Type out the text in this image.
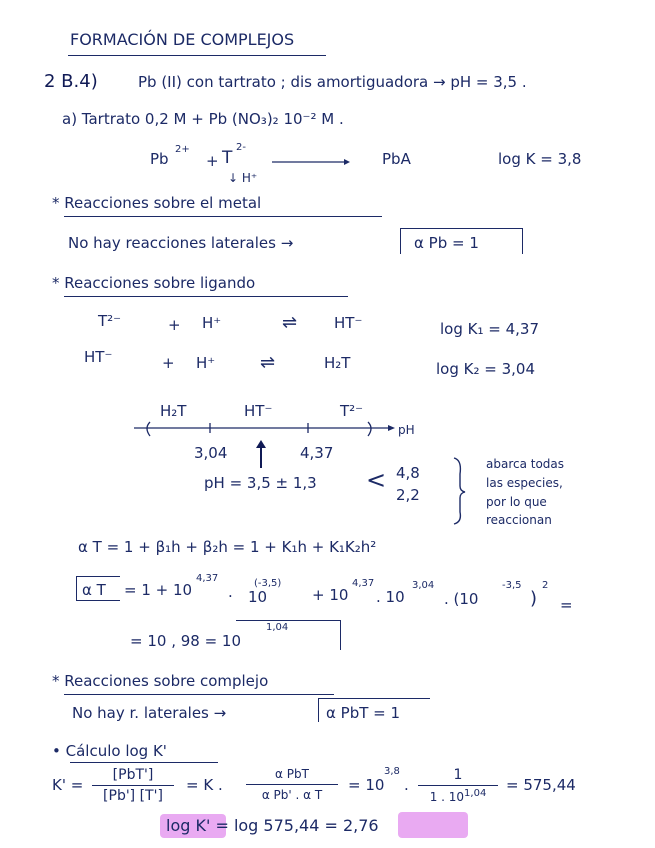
FORMACIÓN DE COMPLEJOS
2 B.4)	Pb (II) con tartrato ; dis amortiguadora → pH = 3,5 .
a) Tartrato 0,2 M + Pb (NO₃)₂ 10⁻² M .
Pb
2+
+ T
2-
↓ H⁺
PbA	log K = 3,8
* Reacciones sobre el metal
No hay reacciones laterales →	α Pb = 1
* Reacciones sobre ligando
T²⁻	+ H⁺	⇌ HT⁻	log K₁ = 4,37
HT⁻	+ H⁺ ⇌	H₂T	log K₂ = 3,04
H₂T	HT⁻	T²⁻
pH
3,04	4,37
pH = 3,5 ± 1,3 < 4,8
2,2
abarca todas
las especies,
por lo que
reaccionan
α T = 1 + β₁h + β₂h = 1 + K₁h + K₁K₂h²
α T = 1 + 10
4,37
. 10
(-3,5)
+ 10
4,37
. 10
3,04
. (10
-3,5
)
2
=
= 10 , 98 = 10
1,04
* Reacciones sobre complejo
No hay r. laterales →	α PbT = 1
• Cálculo log K'
K' =
[PbT']
[Pb'] [T']
= K .
α PbT
α Pb' . α T
= 10
3,8
.
1
1 . $10^{1,04}$	= 575,44
log K' = log 575,44 = 2,76
